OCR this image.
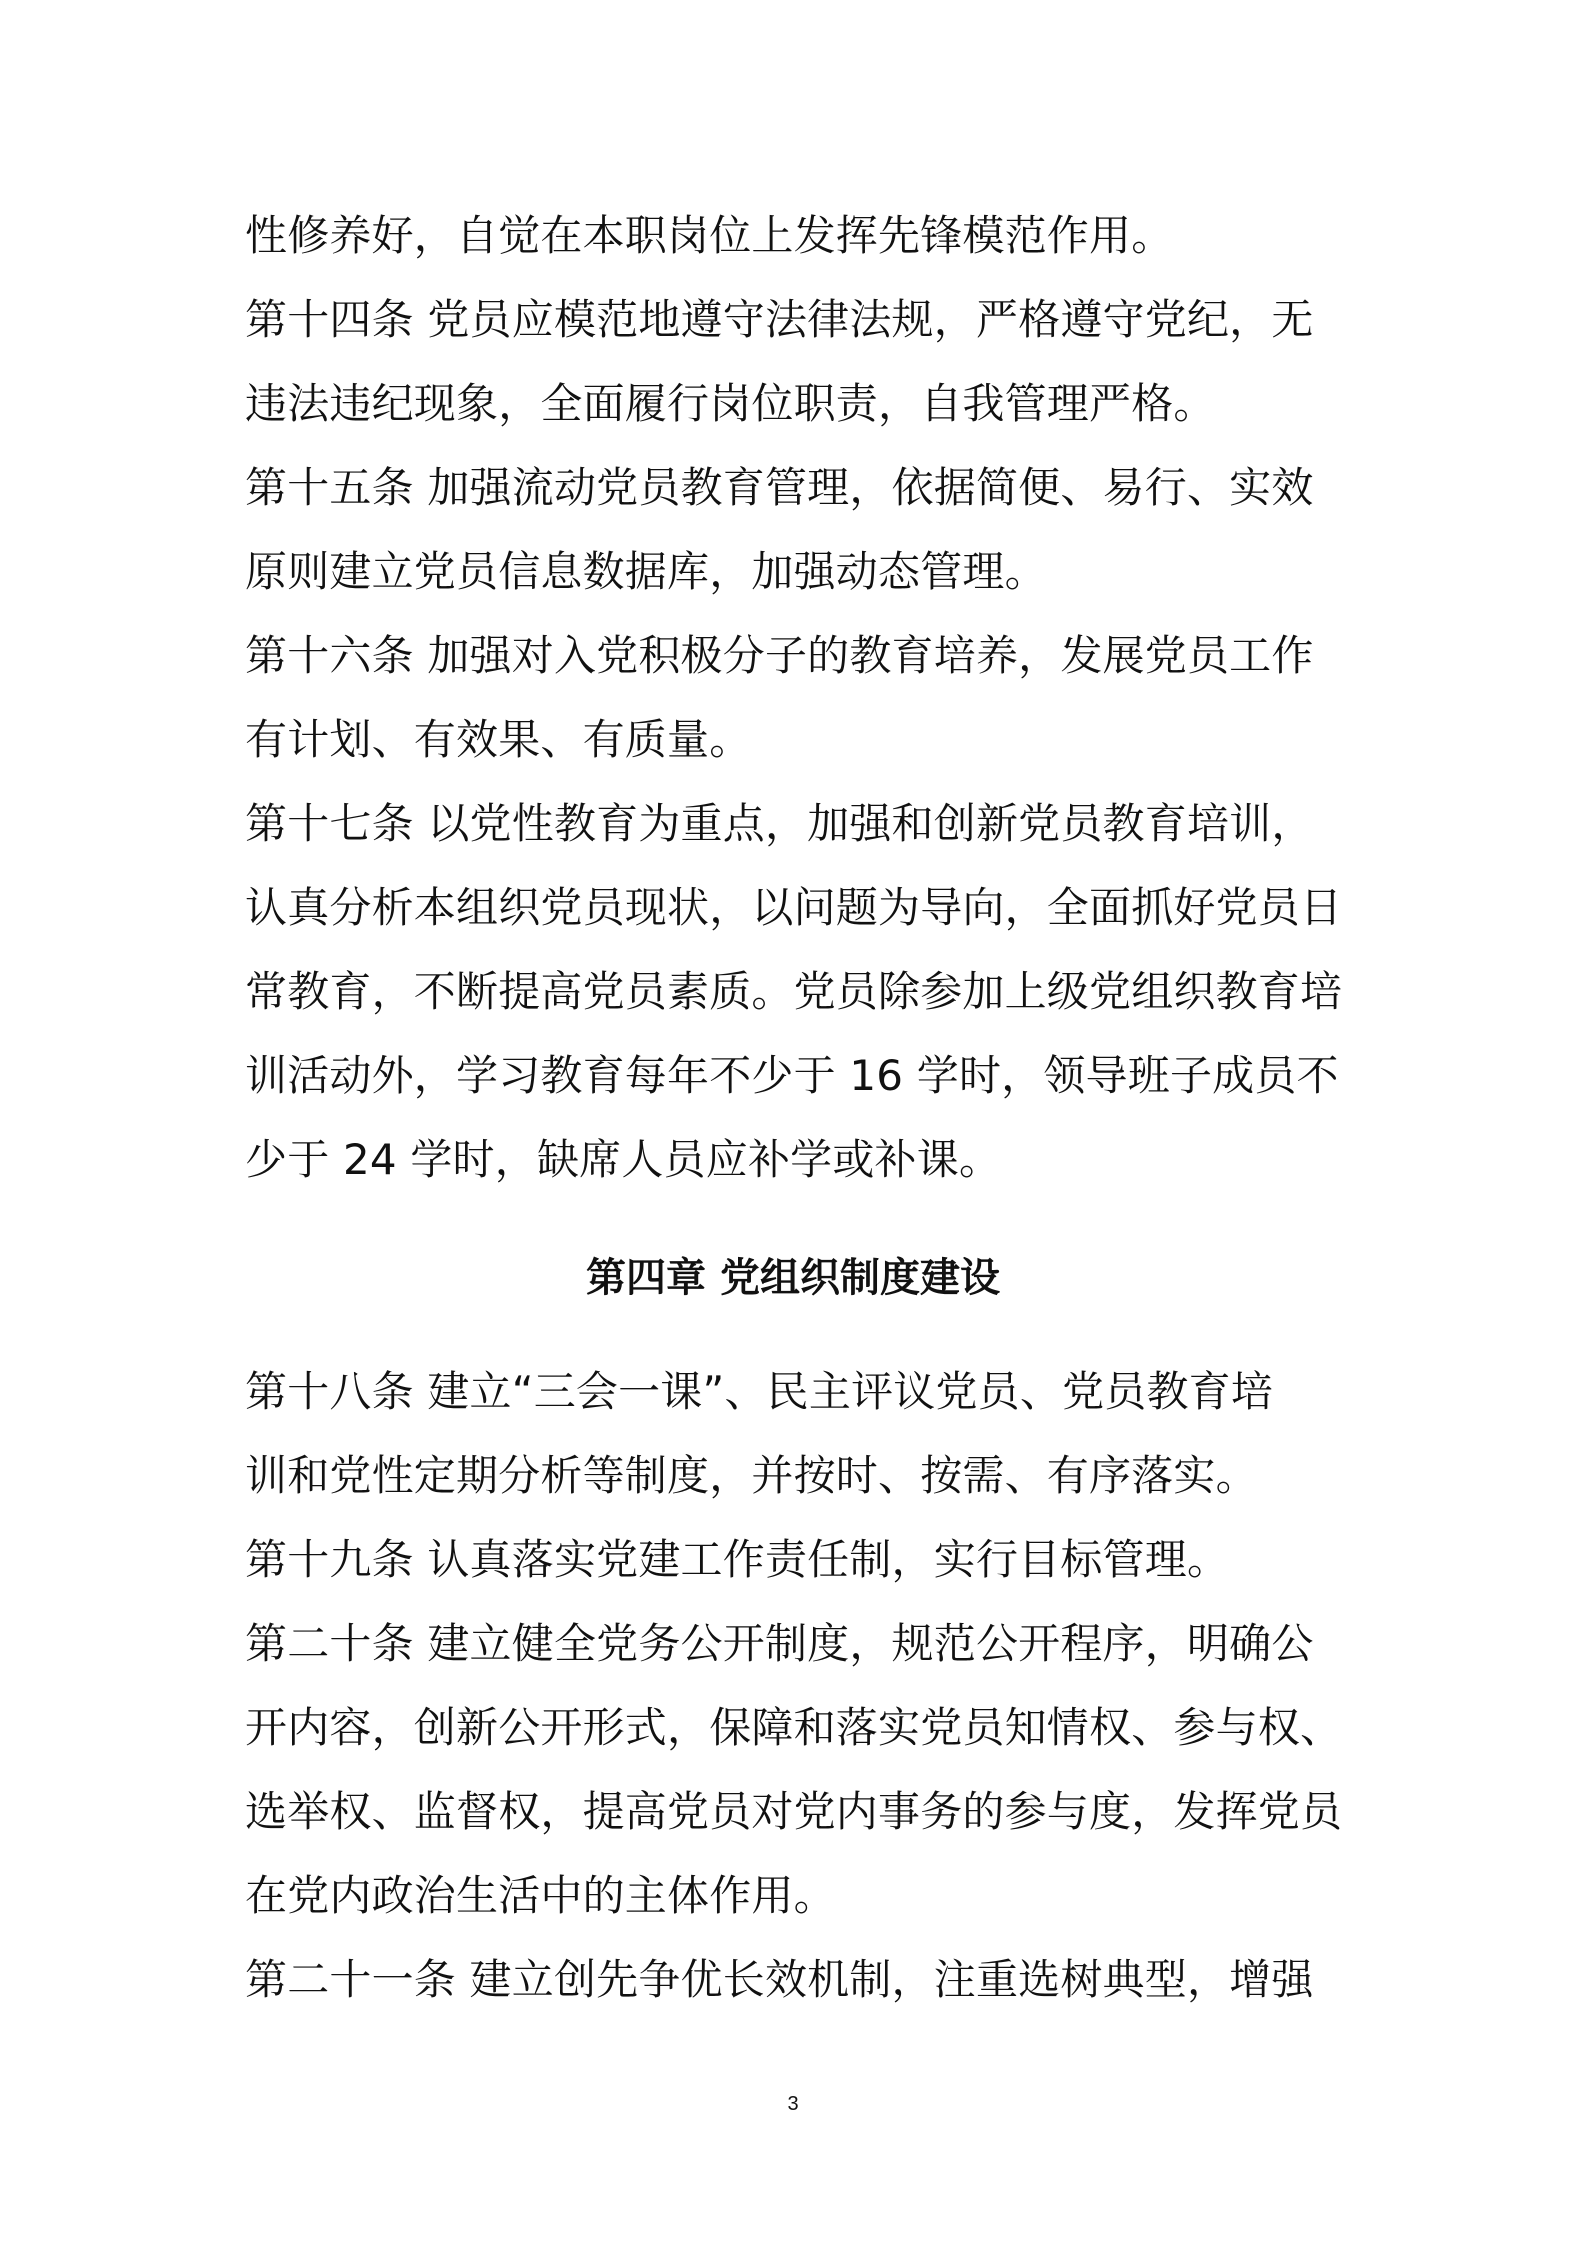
性修养好，自觉在本职岗位上发挥先锋模范作用。
第十四条 党员应模范地遵守法律法规，严格遵守党纪，无
违法违纪现象，全面履行岗位职责，自我管理严格。
第十五条 加强流动党员教育管理，依据简便、易行、实效
原则建立党员信息数据库，加强动态管理。
第十六条 加强对入党积极分子的教育培养，发展党员工作
有计划、有效果、有质量。
第十七条 以党性教育为重点，加强和创新党员教育培训，
认真分析本组织党员现状，以问题为导向，全面抓好党员日
常教育，不断提高党员素质。党员除参加上级党组织教育培
训活动外，学习教育每年不少于 16 学时，领导班子成员不
少于 24 学时，缺席人员应补学或补课。
第四章 党组织制度建设
第十八条 建立“三会一课”、民主评议党员、党员教育培
训和党性定期分析等制度，并按时、按需、有序落实。
第十九条 认真落实党建工作责任制，实行目标管理。
第二十条 建立健全党务公开制度，规范公开程序，明确公
开内容，创新公开形式，保障和落实党员知情权、参与权、
选举权、监督权，提高党员对党内事务的参与度，发挥党员
在党内政治生活中的主体作用。
第二十一条 建立创先争优长效机制，注重选树典型，增强
3
